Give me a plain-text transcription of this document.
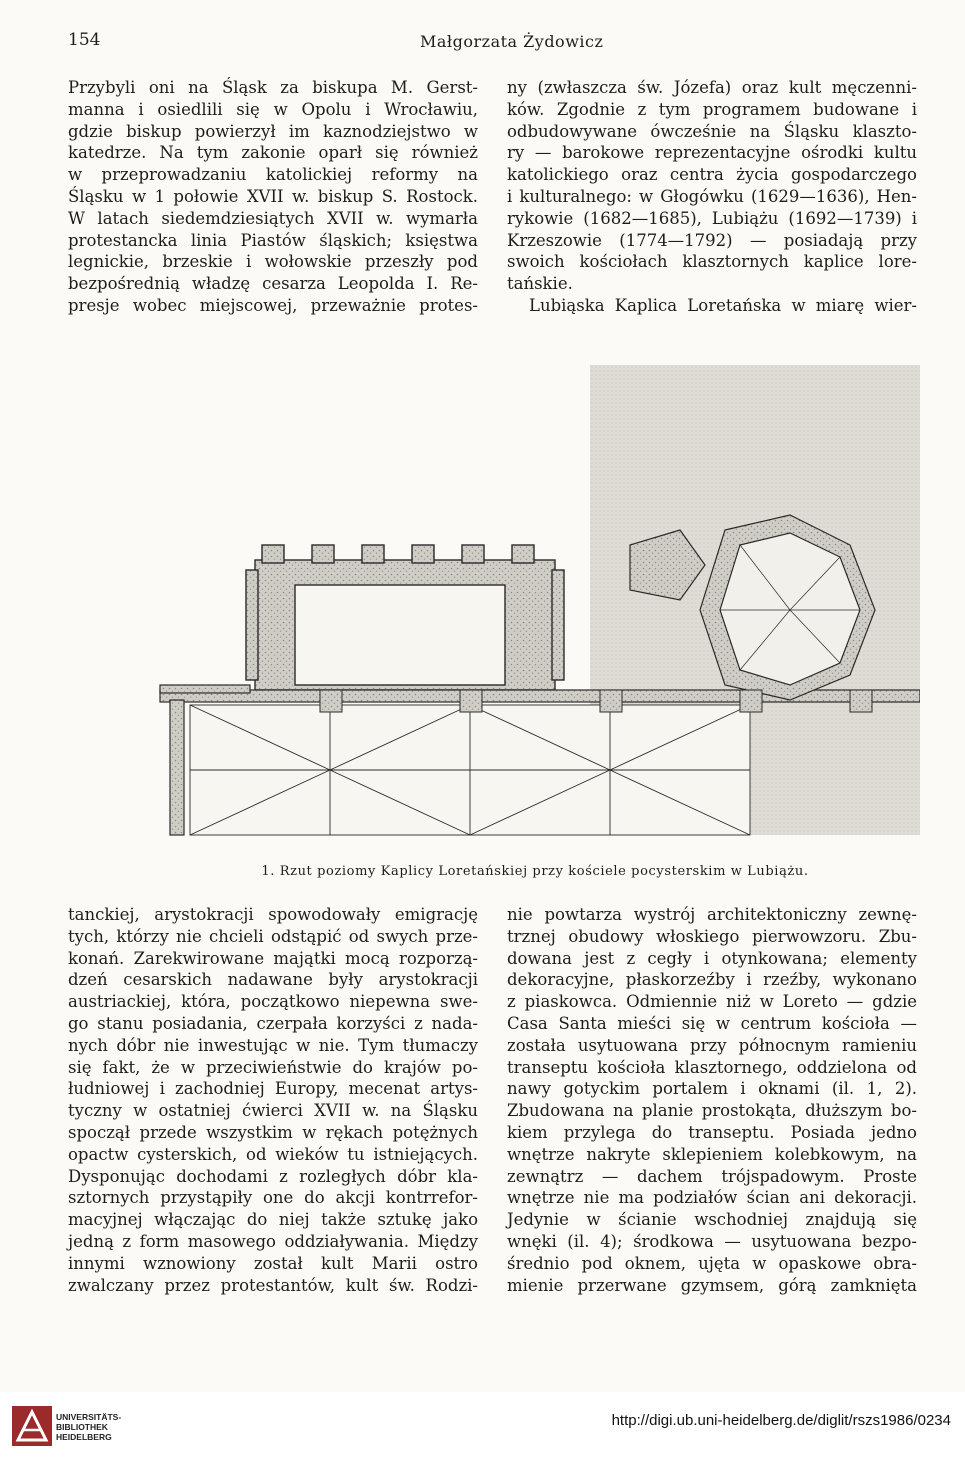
154	Małgorzata Żydowicz
Przybyli oni na Śląsk za biskupa M. Gerst-
manna i osiedlili się w Opolu i Wrocławiu,
gdzie biskup powierzył im kaznodziejstwo w
katedrze. Na tym zakonie oparł się również
w przeprowadzaniu katolickiej reformy na
Śląsku w 1 połowie XVII w. biskup S. Rostock.
W latach siedemdziesiątych XVII w. wymarła
protestancka linia Piastów śląskich; księstwa
legnickie, brzeskie i wołowskie przeszły pod
bezpośrednią władzę cesarza Leopolda I. Re-
presje wobec miejscowej, przeważnie protes-
ny (zwłaszcza św. Józefa) oraz kult męczenni-
ków. Zgodnie z tym programem budowane i
odbudowywane ówcześnie na Śląsku klaszto-
ry — barokowe reprezentacyjne ośrodki kultu
katolickiego oraz centra życia gospodarczego
i kulturalnego: w Głogówku (1629—1636), Hen-
rykowie (1682—1685), Lubiążu (1692—1739) i
Krzeszowie (1774—1792) — posiadają przy
swoich kościołach klasztornych kaplice lore-
tańskie.
Lubiąska Kaplica Loretańska w miarę wier-
1. Rzut poziomy Kaplicy Loretańskiej przy kościele pocysterskim w Lubiążu.
tanckiej, arystokracji spowodowały emigrację
tych, którzy nie chcieli odstąpić od swych prze-
konań. Zarekwirowane majątki mocą rozporzą-
dzeń cesarskich nadawane były arystokracji
austriackiej, która, początkowo niepewna swe-
go stanu posiadania, czerpała korzyści z nada-
nych dóbr nie inwestując w nie. Tym tłumaczy
się fakt, że w przeciwieństwie do krajów po-
łudniowej i zachodniej Europy, mecenat artys-
tyczny w ostatniej ćwierci XVII w. na Śląsku
spoczął przede wszystkim w rękach potężnych
opactw cysterskich, od wieków tu istniejących.
Dysponując dochodami z rozległych dóbr kla-
sztornych przystąpiły one do akcji kontrrefor-
macyjnej włączając do niej także sztukę jako
jedną z form masowego oddziaływania. Między
innymi wznowiony został kult Marii ostro
zwalczany przez protestantów, kult św. Rodzi-
nie powtarza wystrój architektoniczny zewnę-
trznej obudowy włoskiego pierwowzoru. Zbu-
dowana jest z cegły i otynkowana; elementy
dekoracyjne, płaskorzeźby i rzeźby, wykonano
z piaskowca. Odmiennie niż w Loreto — gdzie
Casa Santa mieści się w centrum kościoła —
została usytuowana przy północnym ramieniu
transeptu kościoła klasztornego, oddzielona od
nawy gotyckim portalem i oknami (il. 1, 2).
Zbudowana na planie prostokąta, dłuższym bo-
kiem przylega do transeptu. Posiada jedno
wnętrze nakryte sklepieniem kolebkowym, na
zewnątrz — dachem trójspadowym. Proste
wnętrze nie ma podziałów ścian ani dekoracji.
Jedynie w ścianie wschodniej znajdują się
wnęki (il. 4); środkowa — usytuowana bezpo-
średnio pod oknem, ujęta w opaskowe obra-
mienie przerwane gzymsem, górą zamknięta
UNIVERSITÄTS-
BIBLIOTHEK
HEIDELBERG
http://digi.ub.uni-heidelberg.de/diglit/rszs1986/0234
